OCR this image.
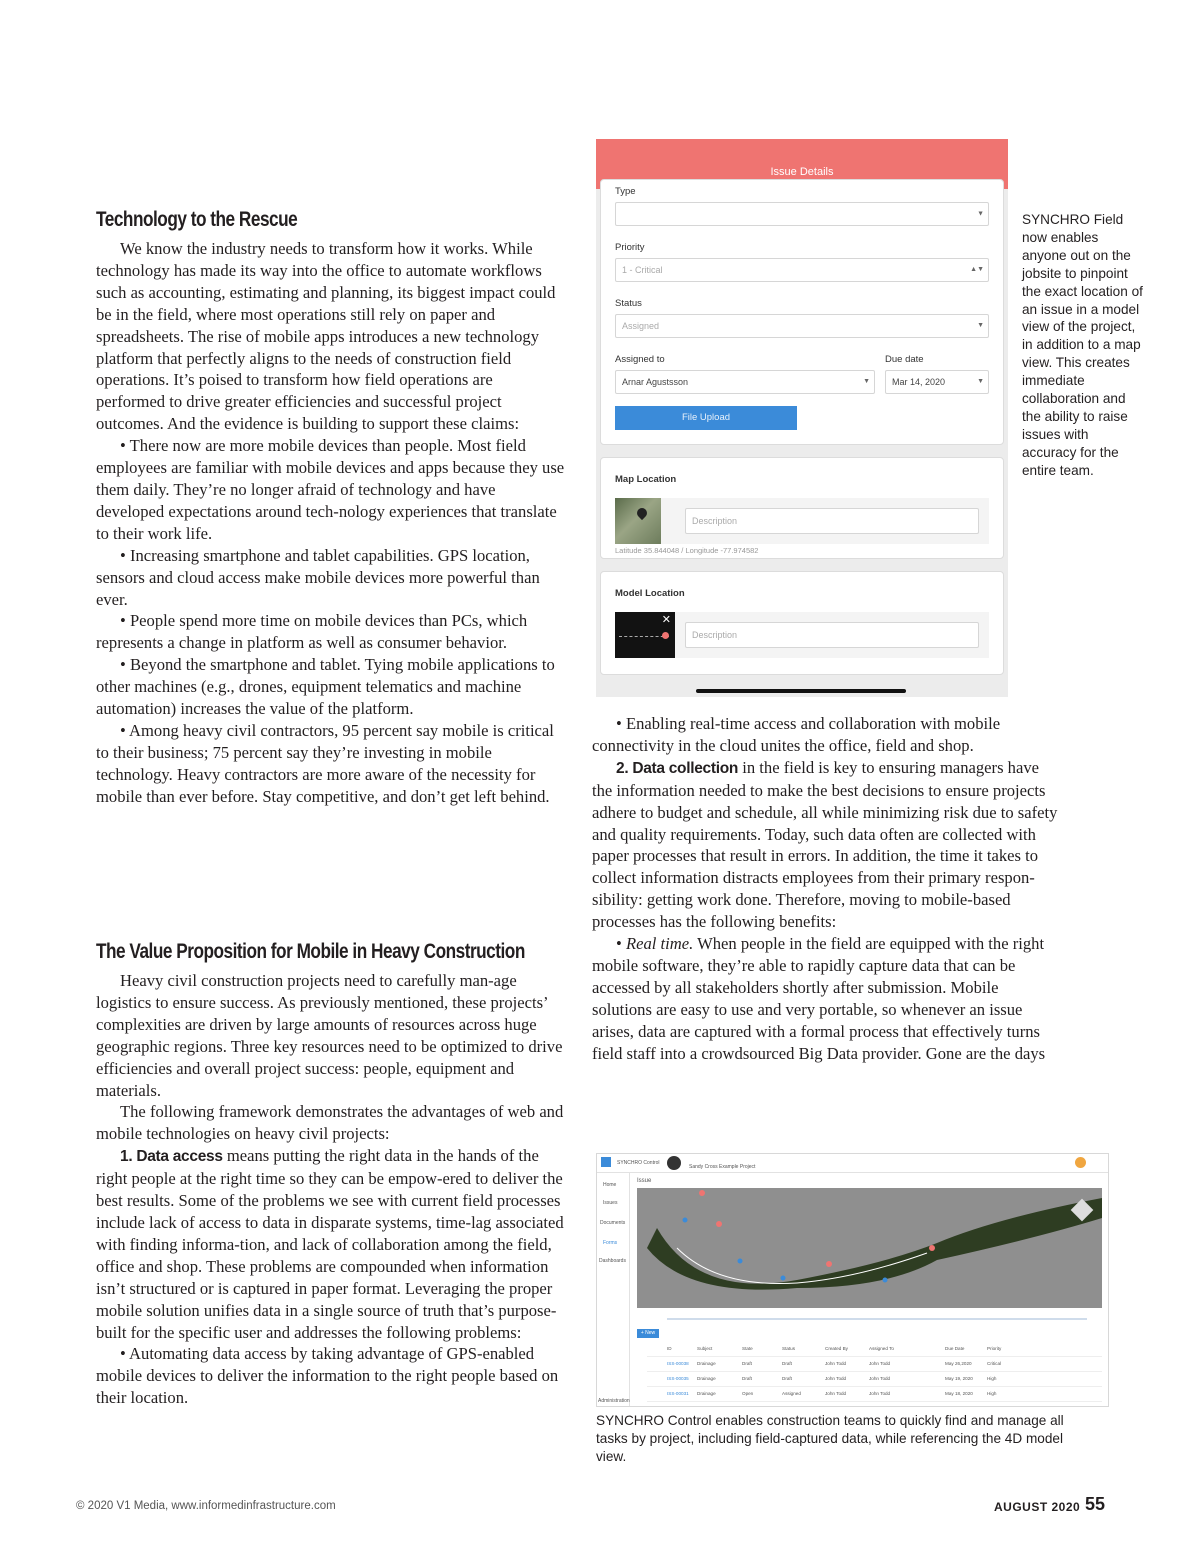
Technology to the Rescue

We know the industry needs to transform how it works. While technology has made its way into the office to automate workflows such as accounting, estimating and planning, its biggest impact could be in the field, where most operations still rely on paper and spreadsheets. The rise of mobile apps introduces a new technology platform that perfectly aligns to the needs of construction field operations. It’s poised to transform how field operations are performed to drive greater efficiencies and successful project outcomes. And the evidence is building to support these claims:

• There now are more mobile devices than people. Most field employees are familiar with mobile devices and apps because they use them daily. They’re no longer afraid of technology and have developed expectations around tech-nology experiences that translate to their work life.

• Increasing smartphone and tablet capabilities. GPS location, sensors and cloud access make mobile devices more powerful than ever.

• People spend more time on mobile devices than PCs, which represents a change in platform as well as consumer behavior.

• Beyond the smartphone and tablet. Tying mobile applications to other machines (e.g., drones, equipment telematics and machine automation) increases the value of the platform.

• Among heavy civil contractors, 95 percent say mobile is critical to their business; 75 percent say they’re investing in mobile technology. Heavy contractors are more aware of the necessity for mobile than ever before. Stay competitive, and don’t get left behind.

The Value Proposition for Mobile in Heavy Construction

Heavy civil construction projects need to carefully man-age logistics to ensure success. As previously mentioned, these projects’ complexities are driven by large amounts of resources across huge geographic regions. Three key resources need to be optimized to drive efficiencies and overall project success: people, equipment and materials.

The following framework demonstrates the advantages of web and mobile technologies on heavy civil projects:

1. Data access means putting the right data in the hands of the right people at the right time so they can be empow-ered to deliver the best results. Some of the problems we see with current field processes include lack of access to data in disparate systems, time-lag associated with finding informa-tion, and lack of collaboration among the field, office and shop. These problems are compounded when information isn’t structured or is captured in paper format. Leveraging the proper mobile solution unifies data in a single source of truth that’s purpose-built for the specific user and addresses the following problems:

• Automating data access by taking advantage of GPS-enabled mobile devices to deliver the information to the right people based on their location.

Issue Details
Type
▼
Priority
1 - Critical	▲▼
Status
Assigned	▼
Assigned to	Due date
Arnar Agustsson	▼	Mar 14, 2020	▼
File Upload
Map Location
Description
Latitude 35.844048 / Longitude -77.974582
Model Location
✕
Description
SYNCHRO Field now enables anyone out on the jobsite to pinpoint the exact location of an issue in a model view of the project, in addition to a map view. This creates immediate collaboration and the ability to raise issues with accuracy for the entire team.

• Enabling real-time access and collaboration with mobile connectivity in the cloud unites the office, field and shop.

2. Data collection in the field is key to ensuring managers have the information needed to make the best decisions to ensure projects adhere to budget and schedule, all while minimizing risk due to safety and quality requirements. Today, such data often are collected with paper processes that result in errors. In addition, the time it takes to collect information distracts employees from their primary respon-sibility: getting work done. Therefore, moving to mobile-based processes has the following benefits:

• Real time. When people in the field are equipped with the right mobile software, they’re able to rapidly capture data that can be accessed by all stakeholders shortly after submission. Mobile solutions are easy to use and very portable, so whenever an issue arises, data are captured with a formal process that effectively turns field staff into a crowdsourced Big Data provider. Gone are the days

SYNCHRO Control
Sandy Cross Example Project
Home
Issues
Documents
Forms
Dashboards
Administration
Issue
+ New
ID	Subject	State	Status	Created By	Assigned To	Due Date	Priority
ISS-00038 Drainage	Draft	Draft	John Todd	John Todd	May 26,2020	Critical
ISS-00035 Drainage	Draft	Draft	John Todd	John Todd	May 19, 2020	High
ISS-00031 Drainage	Open	Assigned	John Todd	John Todd	May 18, 2020	High
SYNCHRO Control enables construction teams to quickly find and manage all tasks by project, including field-captured data, while referencing the 4D model view.
© 2020 V1 Media, www.informedinfrastructure.com	AUGUST 2020 55
